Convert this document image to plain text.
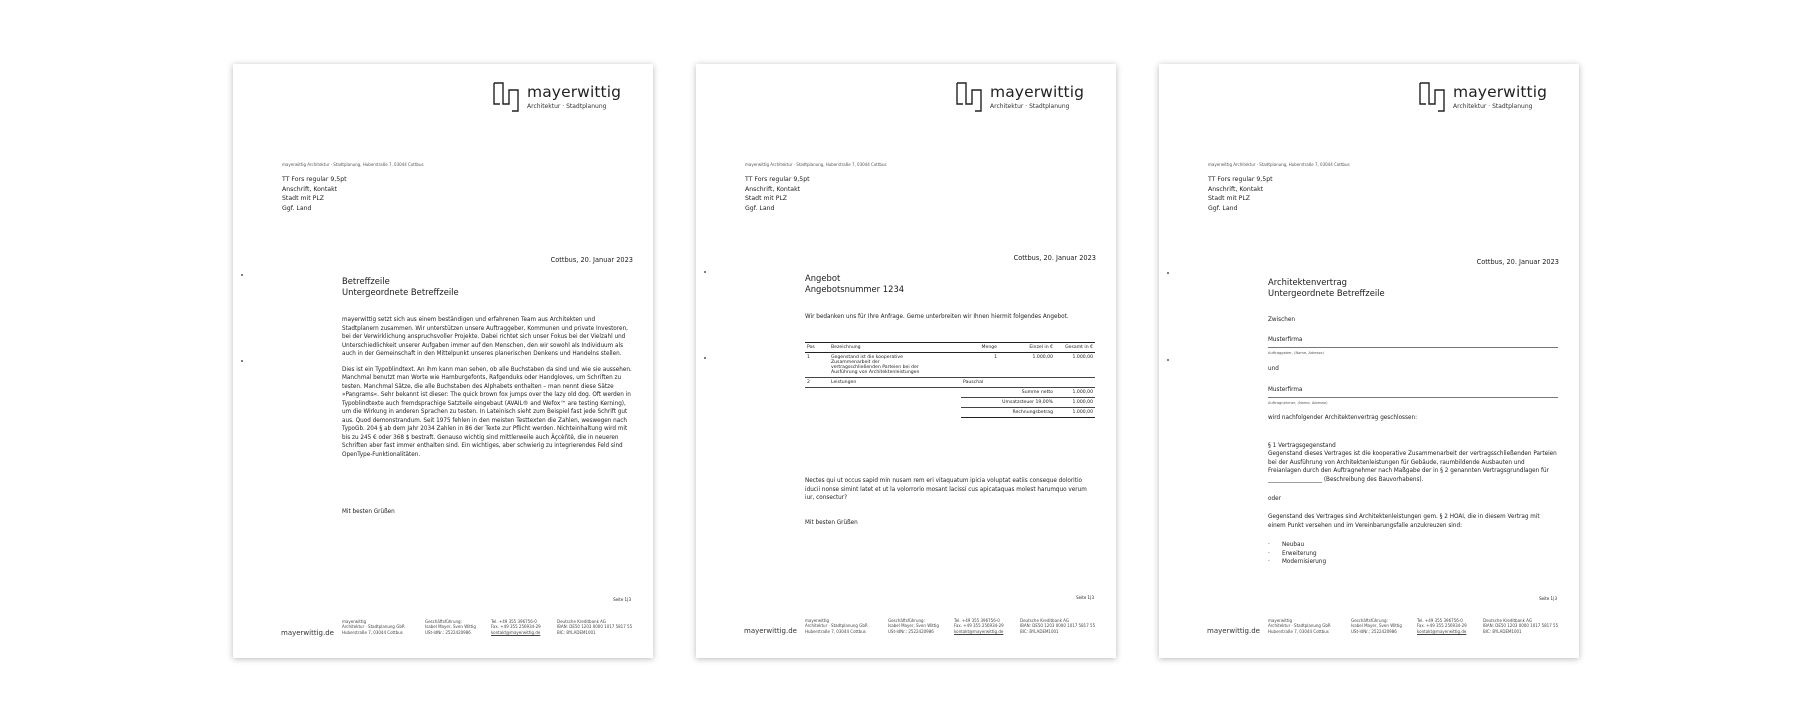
mayerwittig
Architektur · Stadtplanung
mayerwittig Architektur · Stadtplanung, Huberstraße 7, 03044 Cottbus
TT Fors regular 9,5pt
Anschrift, Kontakt
Stadt mit PLZ
Ggf. Land
Cottbus, 20. Januar 2023
Betreffzeile
Untergeordnete Betreffzeile

mayerwittig setzt sich aus einem beständigen und erfahrenen Team aus Architekten und Stadtplanern zusammen. Wir unterstützen unsere Auftraggeber, Kommunen und private Investoren, bei der Verwirklichung anspruchsvoller Projekte. Dabei richtet sich unser Fokus bei der Vielzahl und Unterschiedlichkeit unserer Aufgaben immer auf den Menschen, den wir sowohl als Individuum als auch in der Gemeinschaft in den Mittelpunkt unseres planerischen Denkens und Handelns stellen.

Dies ist ein Typoblindtext. An ihm kann man sehen, ob alle Buchstaben da sind und wie sie aussehen. Manchmal benutzt man Worte wie Hamburgefonts, Rafgenduks oder Handgloves, um Schriften zu testen. Manchmal Sätze, die alle Buchstaben des Alphabets enthalten – man nennt diese Sätze »Pangrams«. Sehr bekannt ist dieser: The quick brown fox jumps over the lazy old dog. Oft werden in Typoblindtexte auch fremdsprachige Satzteile eingebaut (AVAIL® and Wefox™ are testing Kerning), um die Wirkung in anderen Sprachen zu testen. In Lateinisch sieht zum Beispiel fast jede Schrift gut aus. Quod demonstrandum. Seit 1975 fehlen in den meisten Testtexten die Zahlen, weswegen nach TypoGb. 204 § ab dem Jahr 2034 Zahlen in 86 der Texte zur Pflicht werden. Nichteinhaltung wird mit bis zu 245 € oder 368 $ bestraft. Genauso wichtig sind mittlerweile auch Âçcèñtë, die in neueren Schriften aber fast immer enthalten sind. Ein wichtiges, aber schwierig zu integrierendes Feld sind OpenType-Funktionalitäten.

Mit besten Grüßen
Seite 1|3
mayerwittig.de
mayerwittig
Architektur · Stadtplanung GbR
Huberstraße 7, 03044 Cottbus
Geschäftsführung:
Isabel Mayer, Sven Wittig
USt-IdNr.: 2522420986
Tel. +49 355 396756-0
Fax. +49 355 256934-29
kontakt@mayerwittig.de
Deutsche Kreditbank AG
IBAN: DE50 1203 0000 1017 5817 55
BIC: BYLADEM1001
mayerwittig
Architektur · Stadtplanung
mayerwittig Architektur · Stadtplanung, Huberstraße 7, 03044 Cottbus
TT Fors regular 9,5pt
Anschrift, Kontakt
Stadt mit PLZ
Ggf. Land
Cottbus, 20. Januar 2023
Angebot
Angebotsnummer 1234
Wir bedanken uns für Ihre Anfrage. Gerne unterbreiten wir Ihnen hiermit folgendes Angebot.
Pos	Bezeichnung	Menge	Einzel in €	Gesamt in €
1	Gegenstand ist die kooperative Zusammenarbeit der vertragsschließenden Parteien bei der Ausführung von Architektenleistungen	1	1.000,00	1.000,00
2	Leistungen	Pauschal		
		Summe netto		1.000,00
		Umsatzsteuer 19,00%		1.000,00
		Rechnungsbetrag		1.000,00
Nectes qui ut occus sapid min nusam rem eri vitaquatum ipicia voluptat eatiis conseque doloritio iducii nonse simint latet et ut la volorrorio mosant lacissi cus apicataquas molest harumquo verum iur, consectur?
Mit besten Grüßen
Seite 1|3
mayerwittig.de
mayerwittig
Architektur · Stadtplanung GbR
Huberstraße 7, 03044 Cottbus
Geschäftsführung:
Isabel Mayer, Sven Wittig
USt-IdNr.: 2522420986
Tel. +49 355 396756-0
Fax. +49 355 256934-29
kontakt@mayerwittig.de
Deutsche Kreditbank AG
IBAN: DE50 1203 0000 1017 5817 55
BIC: BYLADEM1001
mayerwittig
Architektur · Stadtplanung
mayerwittig Architektur · Stadtplanung, Huberstraße 7, 03044 Cottbus
TT Fors regular 9,5pt
Anschrift, Kontakt
Stadt mit PLZ
Ggf. Land
Cottbus, 20. Januar 2023
Architektenvertrag
Untergeordnete Betreffzeile
Zwischen
Musterfirma
Auftraggeber, (Name, Adresse)
und
Musterfirma
Auftragnehmer, (Name, Adresse)
wird nachfolgender Architektenvertrag geschlossen:
§ 1 Vertragsgegenstand
Gegenstand dieses Vertrages ist die kooperative Zusammenarbeit der vertragsschließenden Parteien bei der Ausführung von Architektenleistungen für Gebäude, raumbildende Ausbauten und Freianlagen durch den Auftragnehmer nach Maßgabe der in § 2 genannten Vertragsgrundlagen für ___________________ (Beschreibung des Bauvorhabens).
oder
Gegenstand des Vertrages sind Architektenleistungen gem. § 2 HOAI, die in diesem Vertrag mit einem Punkt versehen und im Vereinbarungsfalle anzukreuzen sind:
· Neubau
· Erweiterung
· Modernisierung
Seite 1|3
mayerwittig.de
mayerwittig
Architektur · Stadtplanung GbR
Huberstraße 7, 03044 Cottbus
Geschäftsführung:
Isabel Mayer, Sven Wittig
USt-IdNr.: 2522420986
Tel. +49 355 396756-0
Fax. +49 355 256934-29
kontakt@mayerwittig.de
Deutsche Kreditbank AG
IBAN: DE50 1203 0000 1017 5817 55
BIC: BYLADEM1001
